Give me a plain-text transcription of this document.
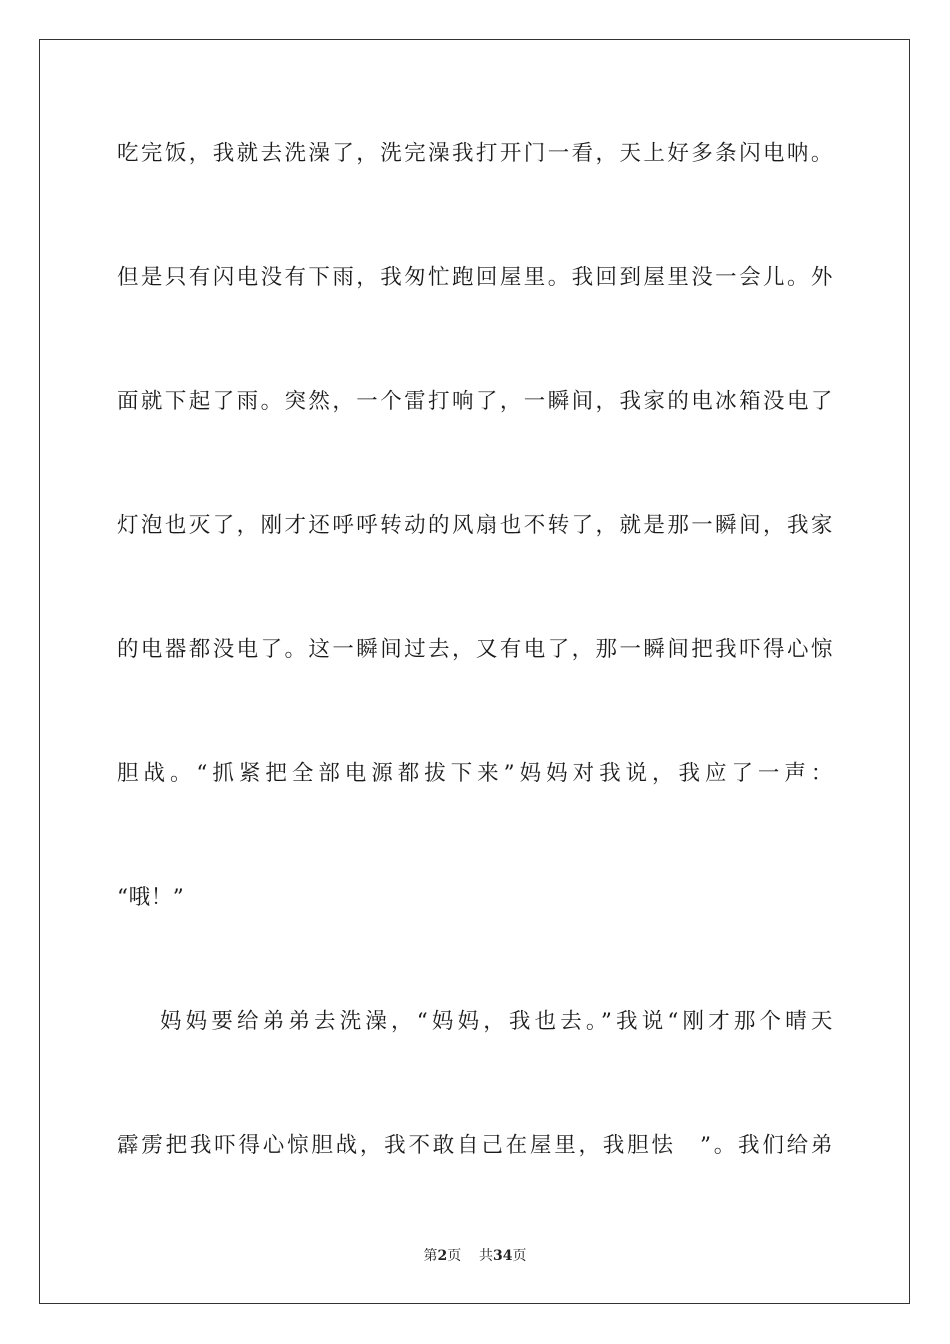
吃完饭，我就去洗澡了，洗完澡我打开门一看，天上好多条闪电呐。
但是只有闪电没有下雨，我匆忙跑回屋里。我回到屋里没一会儿。外
面就下起了雨。突然，一个雷打响了，一瞬间，我家的电冰箱没电了
灯泡也灭了，刚才还呼呼转动的风扇也不转了，就是那一瞬间，我家
的电器都没电了。这一瞬间过去，又有电了，那一瞬间把我吓得心惊
胆战。“抓紧把全部电源都拔下来”妈妈对我说，我应了一声：
“哦！”
妈妈要给弟弟去洗澡，“妈妈，我也去。”我说“刚才那个晴天
霹雳把我吓得心惊胆战，我不敢自己在屋里，我胆怯　”。我们给弟
第2页 共34页
